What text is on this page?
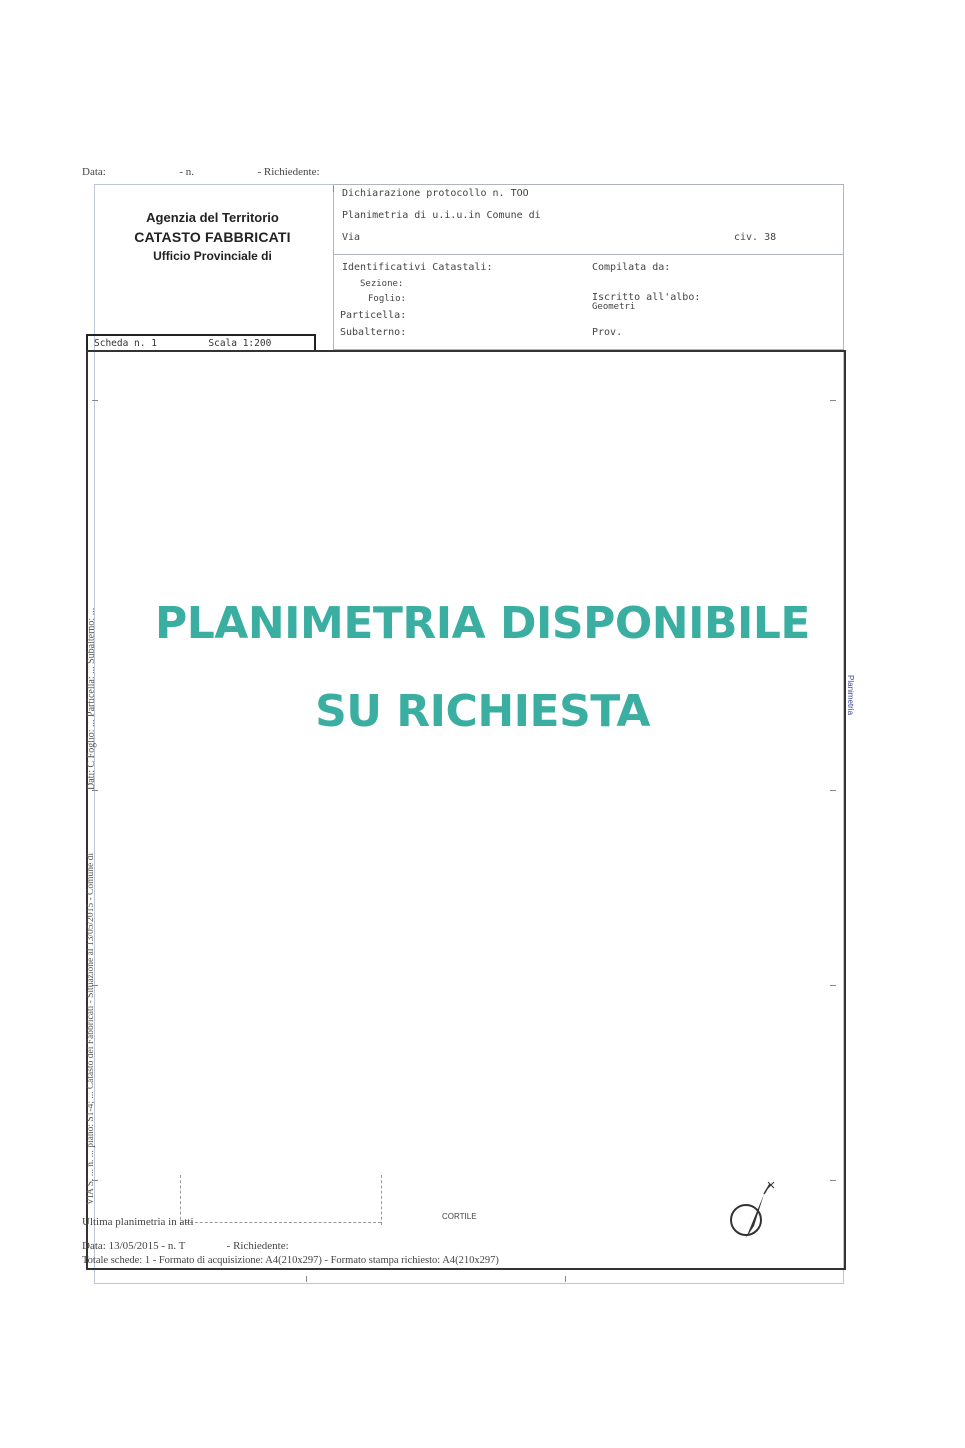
Data:	- n.	- Richiedente:
Agenzia del Territorio
CATASTO FABBRICATI
Ufficio Provinciale di
Dichiarazione protocollo n. TOO
Planimetria di u.i.u.in Comune di
Via	civ. 38
Identificativi Catastali:
Sezione:
Foglio:
Particella:
Subalterno:
Compilata da:
Iscritto all'albo:
Geometri
Prov.
Scheda n. 1	Scala 1:200
Dati: C Foglio: ... Particella: ... Subalterno: ...
VIA S. ... n. ... piano: S1-4; ... Catasto dei Fabbricati - Situazione al 13/05/2015 - Comune di
Planimetria
PLANIMETRIA DISPONIBILE
SU RICHIESTA
CORTILE
Ultima planimetria in atti
Data: 13/05/2015 - n. T	- Richiedente:
Totale schede: 1 - Formato di acquisizione: A4(210x297) - Formato stampa richiesto: A4(210x297)
